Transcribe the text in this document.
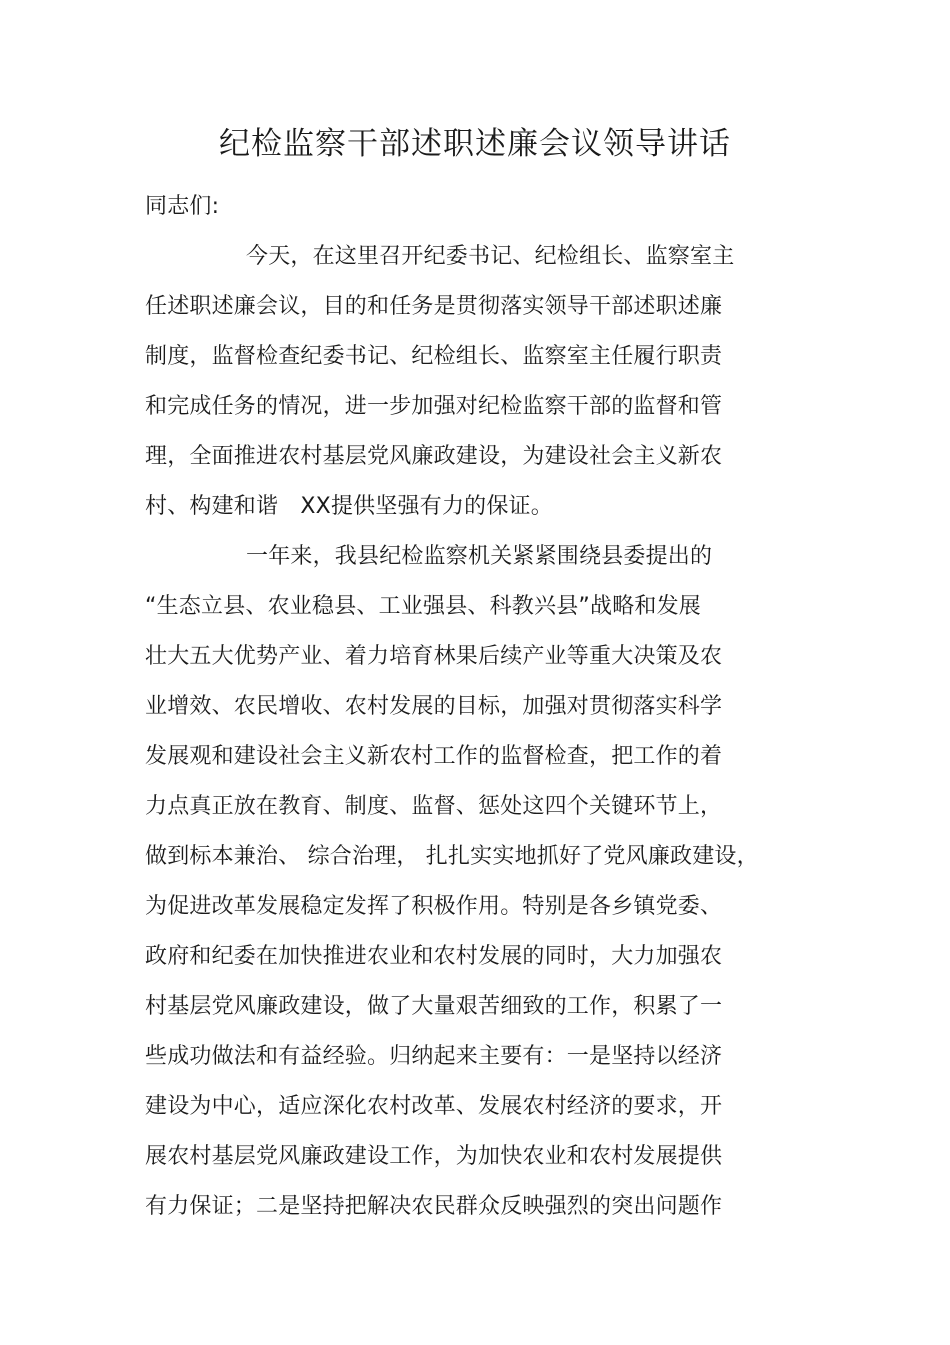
纪检监察干部述职述廉会议领导讲话
同志们:
今天，在这里召开纪委书记、纪检组长、监察室主
任述职述廉会议，目的和任务是贯彻落实领导干部述职述廉
制度，监督检查纪委书记、纪检组长、监察室主任履行职责
和完成任务的情况，进一步加强对纪检监察干部的监督和管
理，全面推进农村基层党风廉政建设，为建设社会主义新农
村、构建和谐　XX提供坚强有力的保证。
一年来，我县纪检监察机关紧紧围绕县委提出的
“生态立县、农业稳县、工业强县、科教兴县”战略和发展
壮大五大优势产业、着力培育林果后续产业等重大决策及农
业增效、农民增收、农村发展的目标，加强对贯彻落实科学
发展观和建设社会主义新农村工作的监督检查，把工作的着
力点真正放在教育、制度、监督、惩处这四个关键环节上，
做到标本兼治、 综合治理， 扎扎实实地抓好了党风廉政建设，
为促进改革发展稳定发挥了积极作用。特别是各乡镇党委、
政府和纪委在加快推进农业和农村发展的同时，大力加强农
村基层党风廉政建设，做了大量艰苦细致的工作，积累了一
些成功做法和有益经验。归纳起来主要有：一是坚持以经济
建设为中心，适应深化农村改革、发展农村经济的要求，开
展农村基层党风廉政建设工作，为加快农业和农村发展提供
有力保证；二是坚持把解决农民群众反映强烈的突出问题作
